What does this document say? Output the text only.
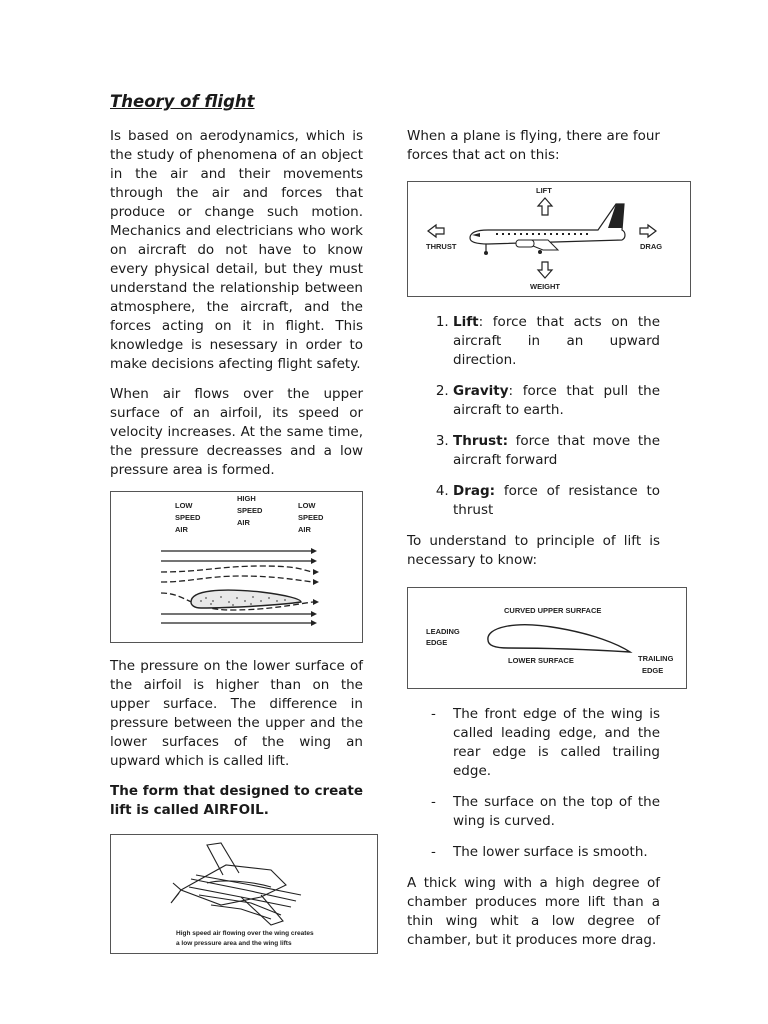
Theory of flight

Is based on aerodynamics, which is the study of phenomena of an object in the air and their movements through the air and forces that produce or change such motion. Mechanics and electricians who work on aircraft do not have to know every physical detail, but they must understand the relationship between atmosphere, the aircraft, and the forces acting on it in flight. This knowledge is nesessary in order to make decisions afecting flight safety.

When air flows over the upper surface of an airfoil, its speed or velocity increases. At the same time, the pressure decreasses and a low pressure area is formed.

LOW
SPEED
AIR
HIGH
SPEED
AIR
LOW
SPEED
AIR

The pressure on the lower surface of the airfoil is higher than on the upper surface. The difference in pressure between the upper and the lower surfaces of the wing an upward which is called lift.

The form that designed to create lift is called AIRFOIL.

High speed air flowing over the wing creates
a low pressure area and the wing lifts

When a plane is flying, there are four forces that act on this:

LIFT
THRUST	DRAG
WEIGHT
1. Lift: force that acts on the aircraft in an upward direction.
2. Gravity: force that pull the aircraft to earth.
3. Thrust: force that move the aircraft forward
4. Drag: force of resistance to thrust

To understand to principle of lift is necessary to know:

CURVED UPPER SURFACE
LEADING
EDGE
LOWER SURFACE	TRAILING
EDGE
- The front edge of the wing is called leading edge, and the rear edge is called trailing edge.
- The surface on the top of the wing is curved.
- The lower surface is smooth.

A thick wing with a high degree of chamber produces more lift than a thin wing whit a low degree of chamber, but it produces more drag.
